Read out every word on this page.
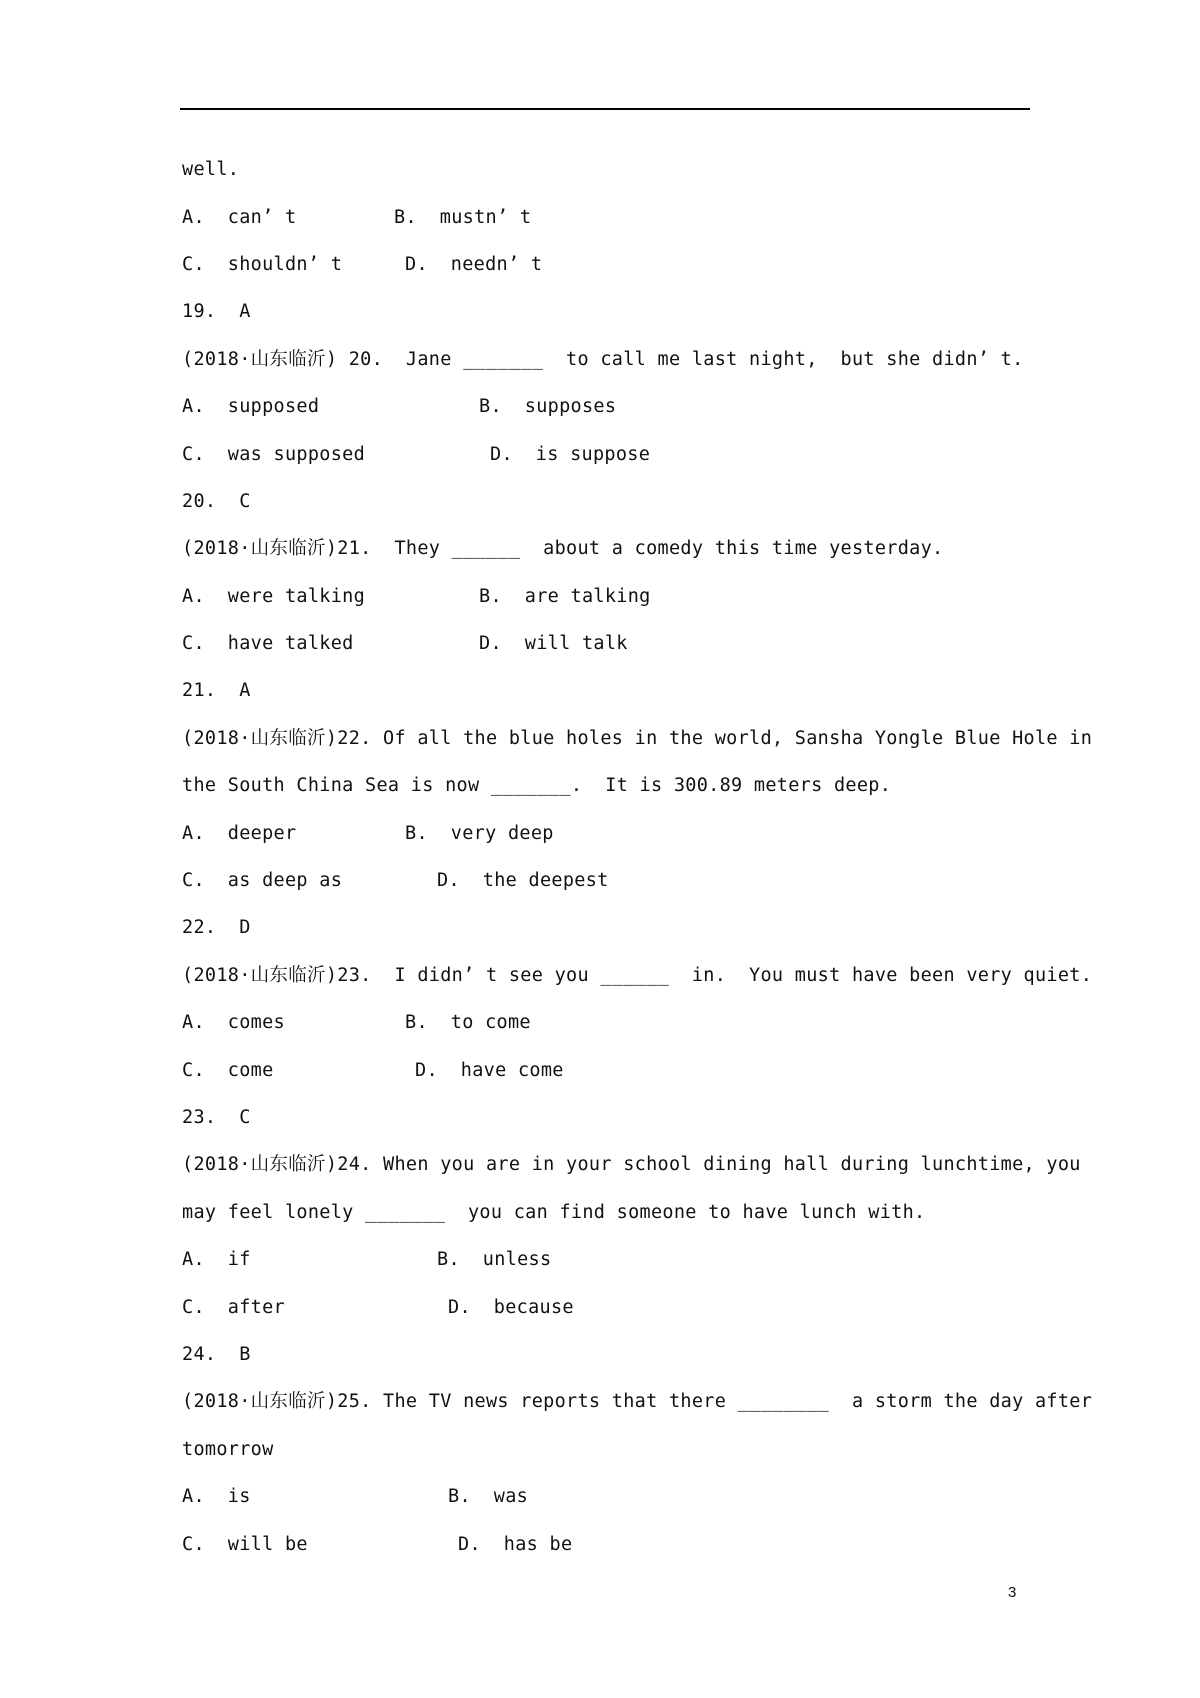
well.
A.  can’ t	B.  mustn’ t
C.  shouldn’ t	D.  needn’ t
19.  A
(2018·山东临沂) 20.  Jane _______  to call me last night,  but she didn’ t.
A.  supposed	B.  supposes
C.  was supposed	D.  is suppose
20.  C
(2018·山东临沂)21.  They ______  about a comedy this time yesterday.
A.  were talking	B.  are talking
C.  have talked	D.  will talk
21.  A
(2018·山东临沂)22. Of all the blue holes in the world, Sansha Yongle Blue Hole in
the South China Sea is now _______.  It is 300.89 meters deep.
A.  deeper	B.  very deep
C.  as deep as	D.  the deepest
22.  D
(2018·山东临沂)23.  I didn’ t see you ______  in.  You must have been very quiet.
A.  comes	B.  to come
C.  come	D.  have come
23.  C
(2018·山东临沂)24. When you are in your school dining hall during lunchtime, you
may feel lonely _______  you can find someone to have lunch with.
A.  if	B.  unless
C.  after	D.  because
24.  B
(2018·山东临沂)25. The TV news reports that there ________  a storm the day after
tomorrow
A.  is	B.  was
C.  will be	D.  has be
3
